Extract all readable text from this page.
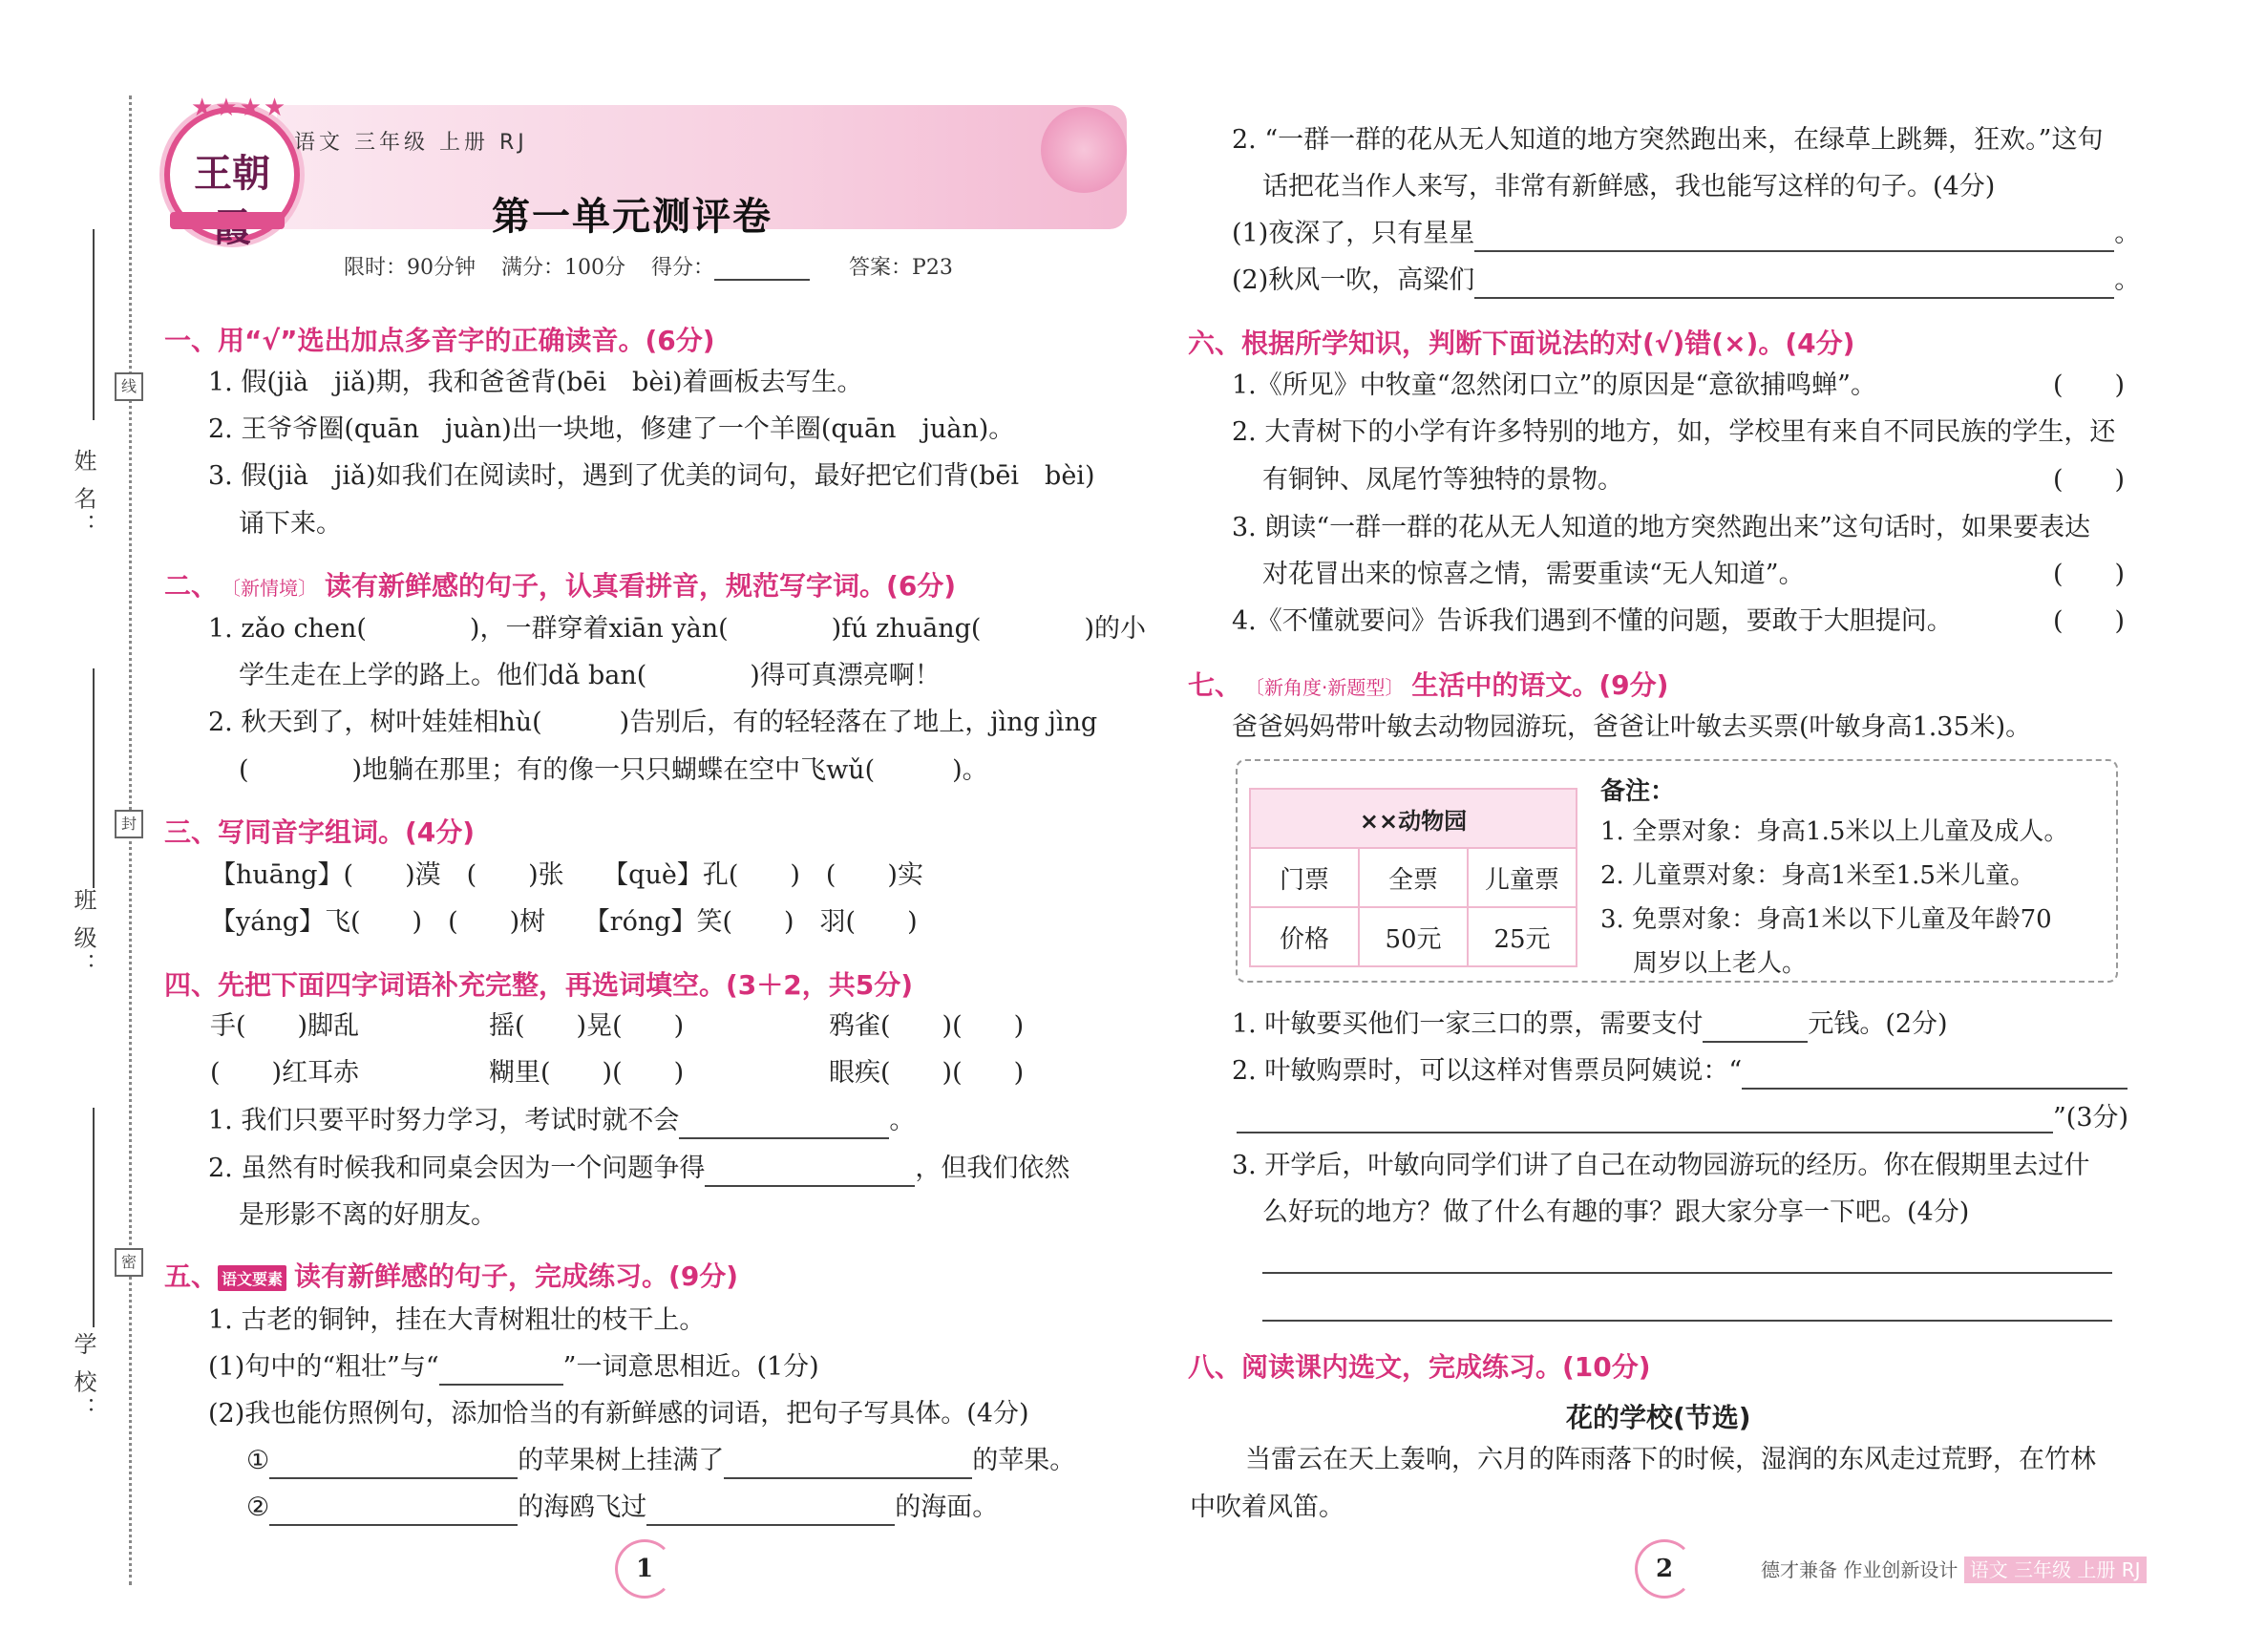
姓 名：
线
班 级：
封
学 校：
密
★★★★
王朝
语文 三年级 上册 RJ
第一单元测评卷
限时：90分钟 满分：100分 得分：	答案：P23
一、用“√”选出加点多音字的正确读音。(6分)
1. 假(jià　jiǎ)期，我和爸爸背(bēi　bèi)着画板去写生。
2. 王爷爷圈(quān　juàn)出一块地，修建了一个羊圈(quān　juàn)。
3. 假(jià　jiǎ)如我们在阅读时，遇到了优美的词句，最好把它们背(bēi　bèi)
诵下来。
二、 〔新情境〕 读有新鲜感的句子，认真看拼音，规范写字词。(6分)
1. zǎo chen(　　　　)，一群穿着xiān yàn(　　　　)fú zhuāng(　　　　)的小
学生走在上学的路上。他们dǎ ban(　　　　)得可真漂亮啊！
2. 秋天到了，树叶娃娃相hù(　　　)告别后，有的轻轻落在了地上，jìng jìng
(　　　　)地躺在那里；有的像一只只蝴蝶在空中飞wǔ(　　　)。
三、写同音字组词。(4分)
【huāng】(　　)漠　(　　)张　　【què】孔(　　)　(　　)实
【yáng】飞(　　)　(　　)树　　【róng】笑(　　)　羽(　　)
四、先把下面四字词语补充完整，再选词填空。(3＋2，共5分)
手(　　)脚乱	摇(　　)晃(　　)	鸦雀(　　)(　　)
(　　)红耳赤	糊里(　　)(　　)	眼疾(　　)(　　)
1. 我们只要平时努力学习，考试时就不会	。
2. 虽然有时候我和同桌会因为一个问题争得	，但我们依然
是形影不离的好朋友。
五、 语文要素 读有新鲜感的句子，完成练习。(9分)
1. 古老的铜钟，挂在大青树粗壮的枝干上。
(1)句中的“粗壮”与“	”一词意思相近。(1分)
(2)我也能仿照例句，添加恰当的有新鲜感的词语，把句子写具体。(4分)
①	的苹果树上挂满了	的苹果。
②	的海鸥飞过	的海面。
1
2. “一群一群的花从无人知道的地方突然跑出来，在绿草上跳舞，狂欢。”这句
话把花当作人来写，非常有新鲜感，我也能写这样的句子。(4分)
(1)夜深了，只有星星	。
(2)秋风一吹，高粱们	。
六、根据所学知识，判断下面说法的对(√)错(×)。(4分)
1.《所见》中牧童“忽然闭口立”的原因是“意欲捕鸣蝉”。	(　　)
2. 大青树下的小学有许多特别的地方，如，学校里有来自不同民族的学生，还
有铜钟、凤尾竹等独特的景物。	(　　)
3. 朗读“一群一群的花从无人知道的地方突然跑出来”这句话时，如果要表达
对花冒出来的惊喜之情，需要重读“无人知道”。	(　　)
4.《不懂就要问》告诉我们遇到不懂的问题，要敢于大胆提问。	(　　)
七、 〔新角度·新题型〕 生活中的语文。(9分)
爸爸妈妈带叶敏去动物园游玩，爸爸让叶敏去买票(叶敏身高1.35米)。
××动物园		
门票	全票	儿童票
价格	50元	25元
备注：
1. 全票对象：身高1.5米以上儿童及成人。
2. 儿童票对象：身高1米至1.5米儿童。
3. 免票对象：身高1米以下儿童及年龄70
周岁以上老人。
1. 叶敏要买他们一家三口的票，需要支付	元钱。(2分)
2. 叶敏购票时，可以这样对售票员阿姨说：“
”(3分)
3. 开学后，叶敏向同学们讲了自己在动物园游玩的经历。你在假期里去过什
么好玩的地方？做了什么有趣的事？跟大家分享一下吧。(4分)
八、阅读课内选文，完成练习。(10分)
花的学校(节选)
当雷云在天上轰响，六月的阵雨落下的时候，湿润的东风走过荒野，在竹林
中吹着风笛。
2	德才兼备 作业创新设计 语文 三年级 上册 RJ
